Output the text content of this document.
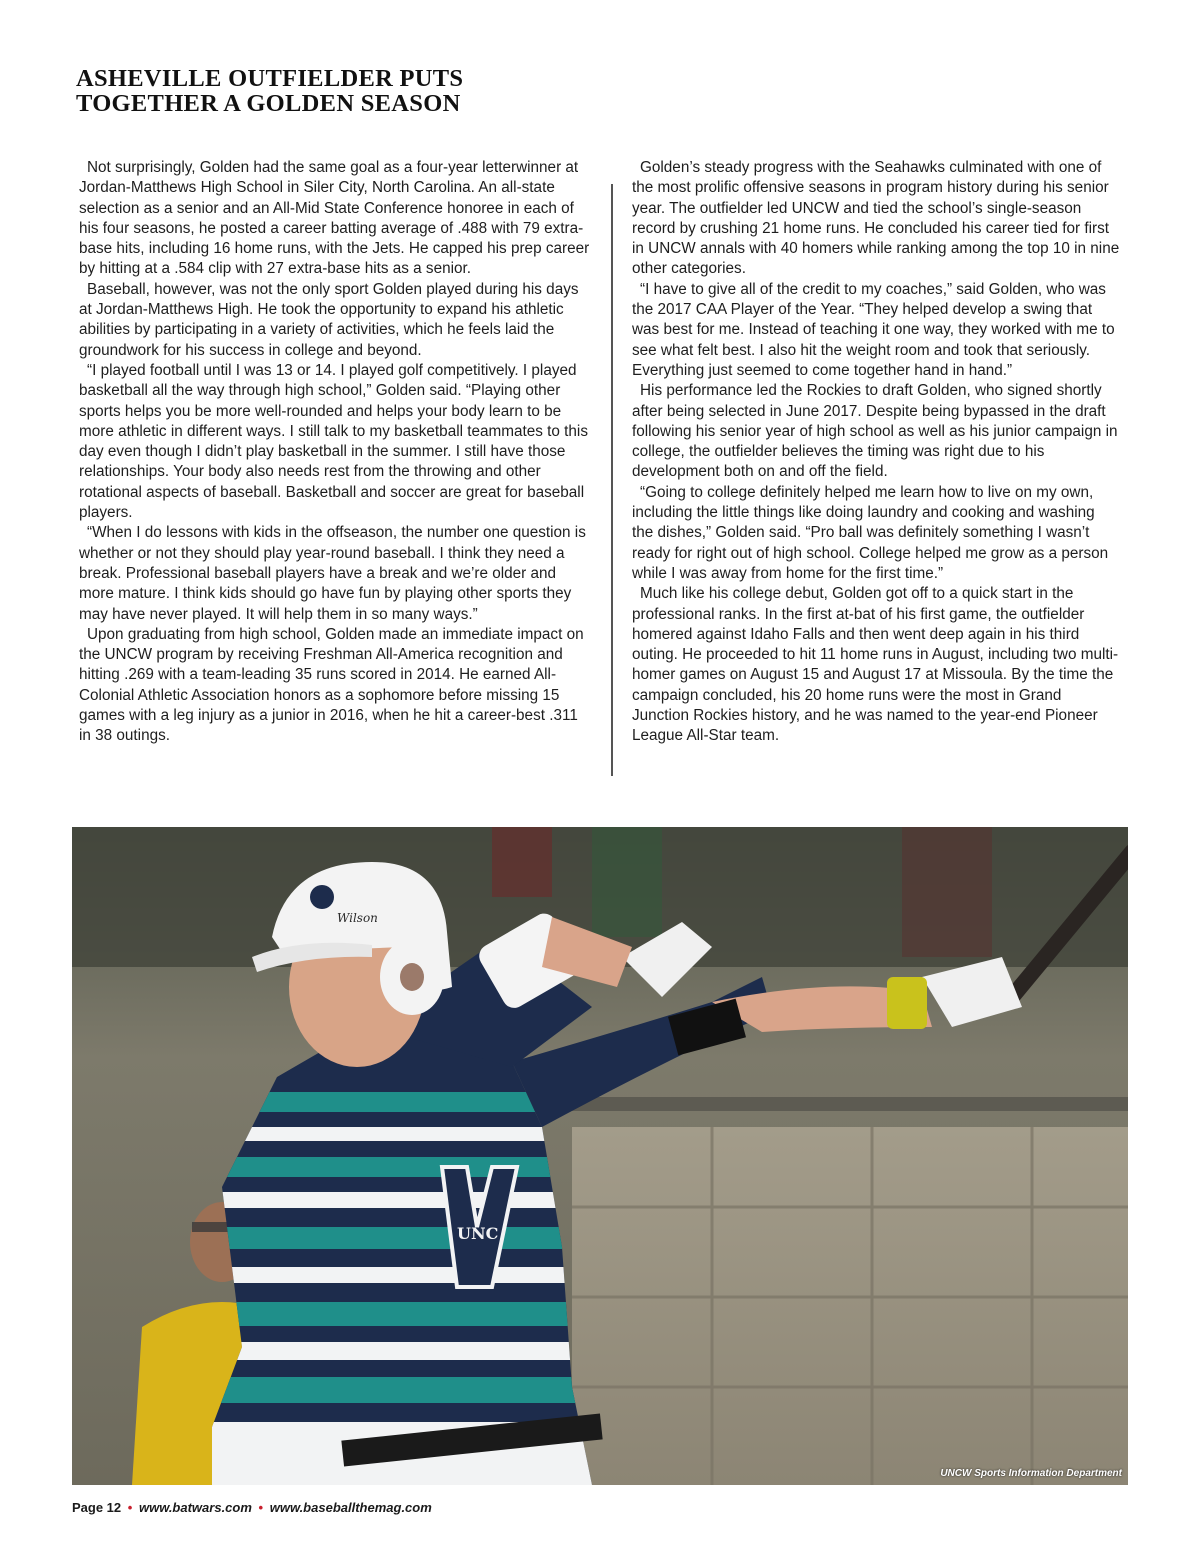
ASHEVILLE OUTFIELDER PUTS
TOGETHER A GOLDEN SEASON

Not surprisingly, Golden had the same goal as a four-year letterwinner at Jordan-Matthews High School in Siler City, North Carolina. An all-state selection as a senior and an All-Mid State Conference honoree in each of his four seasons, he posted a career batting average of .488 with 79 extra-base hits, including 16 home runs, with the Jets. He capped his prep career by hitting at a .584 clip with 27 extra-base hits as a senior.

Baseball, however, was not the only sport Golden played during his days at Jordan-Matthews High. He took the opportunity to expand his athletic abilities by participating in a variety of activities, which he feels laid the groundwork for his success in college and beyond.

“I played football until I was 13 or 14. I played golf competitively. I played basketball all the way through high school,” Golden said. “Playing other sports helps you be more well-rounded and helps your body learn to be more athletic in different ways. I still talk to my basketball teammates to this day even though I didn’t play basketball in the summer. I still have those relationships. Your body also needs rest from the throwing and other rotational aspects of baseball. Basketball and soccer are great for baseball players.

“When I do lessons with kids in the offseason, the number one question is whether or not they should play year-round baseball. I think they need a break. Professional baseball players have a break and we’re older and more mature. I think kids should go have fun by playing other sports they may have never played. It will help them in so many ways.”

Upon graduating from high school, Golden made an immediate impact on the UNCW program by receiving Freshman All-America recognition and hitting .269 with a team-leading 35 runs scored in 2014. He earned All-Colonial Athletic Association honors as a sophomore before missing 15 games with a leg injury as a junior in 2016, when he hit a career-best .311 in 38 outings.

Golden’s steady progress with the Seahawks culminated with one of the most prolific offensive seasons in program history during his senior year. The outfielder led UNCW and tied the school’s single-season record by crushing 21 home runs. He concluded his career tied for first in UNCW annals with 40 homers while ranking among the top 10 in nine other categories.

“I have to give all of the credit to my coaches,” said Golden, who was the 2017 CAA Player of the Year. “They helped develop a swing that was best for me. Instead of teaching it one way, they worked with me to see what felt best. I also hit the weight room and took that seriously. Everything just seemed to come together hand in hand.”

His performance led the Rockies to draft Golden, who signed shortly after being selected in June 2017. Despite being bypassed in the draft following his senior year of high school as well as his junior campaign in college, the outfielder believes the timing was right due to his development both on and off the field.

“Going to college definitely helped me learn how to live on my own, including the little things like doing laundry and cooking and washing the dishes,” Golden said. “Pro ball was definitely something I wasn’t ready for right out of high school. College helped me grow as a person while I was away from home for the first time.”

Much like his college debut, Golden got off to a quick start in the professional ranks. In the first at-bat of his first game, the outfielder homered against Idaho Falls and then went deep again in his third outing. He proceeded to hit 11 home runs in August, including two multi-homer games on August 15 and August 17 at Missoula. By the time the campaign concluded, his 20 home runs were the most in Grand Junction Rockies history, and he was named to the year-end Pioneer League All-Star team.

UNC
Wilson
UNCW Sports Information Department
Page 12 • www.batwars.com • www.baseballthemag.com
